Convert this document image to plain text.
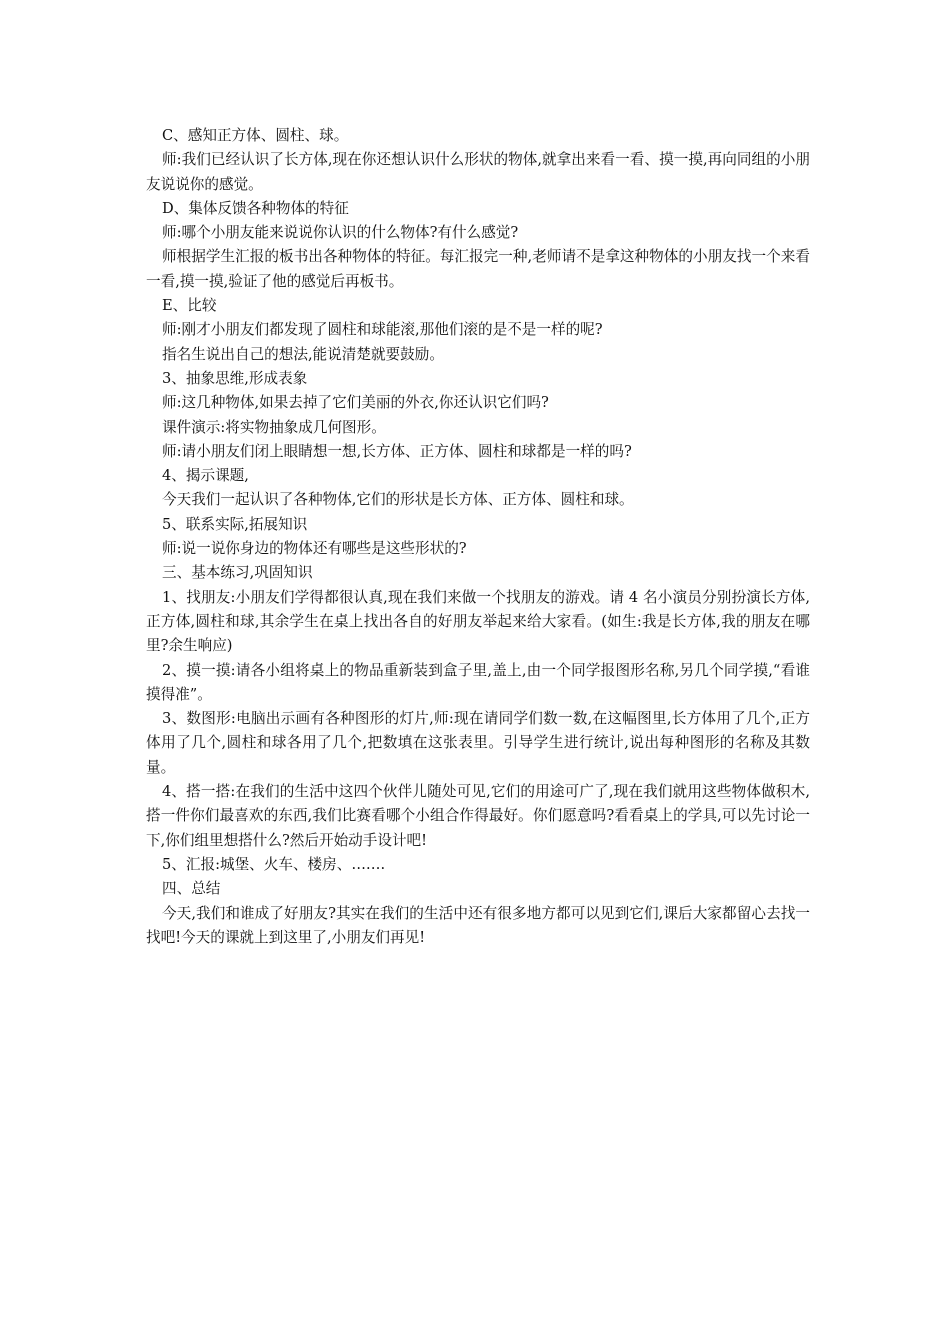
C、感知正方体、圆柱、球。

师:我们已经认识了长方体,现在你还想认识什么形状的物体,就拿出来看一看、摸一摸,再向同组的小朋友说说你的感觉。

D、集体反馈各种物体的特征

师:哪个小朋友能来说说你认识的什么物体?有什么感觉?

师根据学生汇报的板书出各种物体的特征。每汇报完一种,老师请不是拿这种物体的小朋友找一个来看一看,摸一摸,验证了他的感觉后再板书。

E、比较

师:刚才小朋友们都发现了圆柱和球能滚,那他们滚的是不是一样的呢?

指名生说出自己的想法,能说清楚就要鼓励。

3、抽象思维,形成表象

师:这几种物体,如果去掉了它们美丽的外衣,你还认识它们吗?

课件演示:将实物抽象成几何图形。

师:请小朋友们闭上眼睛想一想,长方体、正方体、圆柱和球都是一样的吗?

4、揭示课题,

今天我们一起认识了各种物体,它们的形状是长方体、正方体、圆柱和球。

5、联系实际,拓展知识

师:说一说你身边的物体还有哪些是这些形状的?

三、基本练习,巩固知识

1、找朋友:小朋友们学得都很认真,现在我们来做一个找朋友的游戏。请 4 名小演员分别扮演长方体,正方体,圆柱和球,其余学生在桌上找出各自的好朋友举起来给大家看。(如生:我是长方体,我的朋友在哪里?余生响应)

2、摸一摸:请各小组将桌上的物品重新装到盒子里,盖上,由一个同学报图形名称,另几个同学摸,“看谁摸得准”。

3、数图形:电脑出示画有各种图形的灯片,师:现在请同学们数一数,在这幅图里,长方体用了几个,正方体用了几个,圆柱和球各用了几个,把数填在这张表里。引导学生进行统计,说出每种图形的名称及其数量。

4、搭一搭:在我们的生活中这四个伙伴儿随处可见,它们的用途可广了,现在我们就用这些物体做积木,搭一件你们最喜欢的东西,我们比赛看哪个小组合作得最好。你们愿意吗?看看桌上的学具,可以先讨论一下,你们组里想搭什么?然后开始动手设计吧!

5、汇报:城堡、火车、楼房、…….

四、总结

今天,我们和谁成了好朋友?其实在我们的生活中还有很多地方都可以见到它们,课后大家都留心去找一找吧!今天的课就上到这里了,小朋友们再见!
